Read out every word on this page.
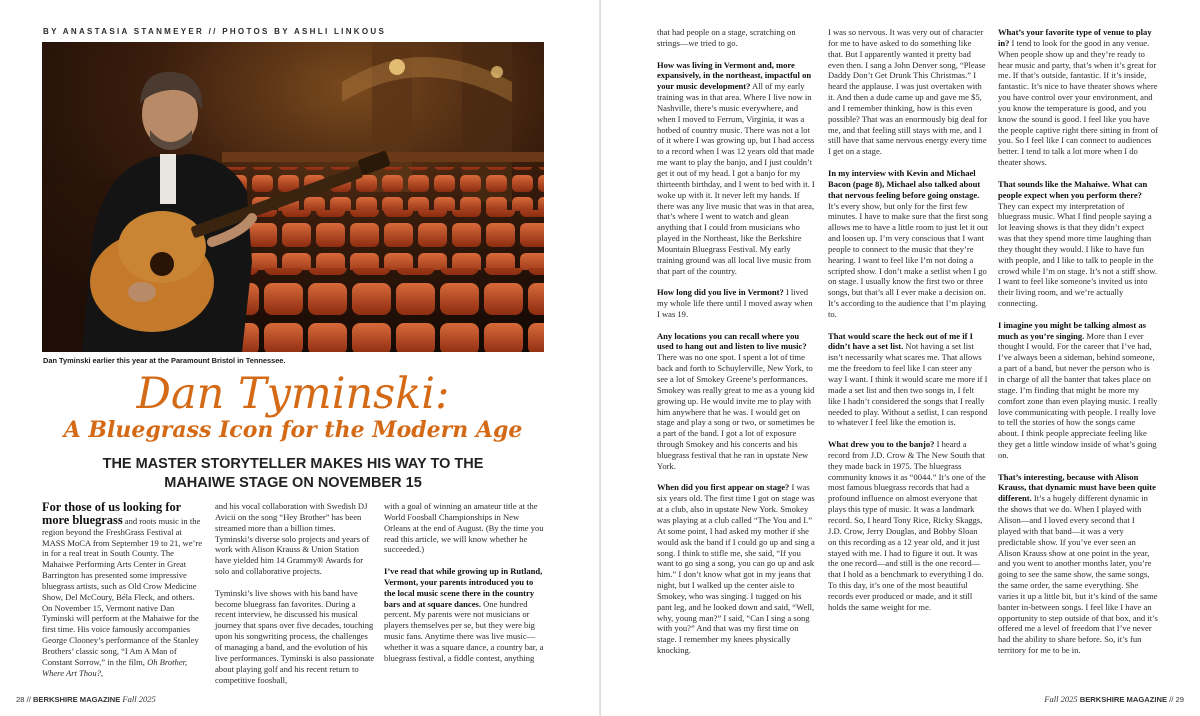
BY ANASTASIA STANMEYER // PHOTOS BY ASHLI LINKOUS
Dan Tyminski earlier this year at the Paramount Bristol in Tennessee.
Dan Tyminski:
A Bluegrass Icon for the Modern Age
THE MASTER STORYTELLER MAKES HIS WAY TO THE MAHAIWE STAGE ON NOVEMBER 15

For those of us looking for more bluegrass and roots music in the region beyond the FreshGrass Festival at MASS MoCA from September 19 to 21, we’re in for a real treat in South County. The Mahaiwe Performing Arts Center in Great Barrington has presented some impressive bluegrass artists, such as Old Crow Medicine Show, Del McCoury, Béla Fleck, and others. On November 15, Vermont native Dan Tyminski will perform at the Mahaiwe for the first time. His voice famously accompanies George Clooney’s performance of the Stanley Brothers’ classic song, “I Am A Man of Constant Sorrow,” in the film, Oh Brother, Where Art Thou?,

and his vocal collaboration with Swedish DJ Avicii on the song “Hey Brother” has been streamed more than a billion times. Tyminski’s diverse solo projects and years of work with Alison Krauss & Union Station have yielded him 14 Grammy® Awards for solo and collaborative projects.

Tyminski’s live shows with his band have become bluegrass fan favorites. During a recent interview, he discussed his musical journey that spans over five decades, touching upon his songwriting process, the challenges of managing a band, and the evolution of his live performances. Tyminski is also passionate about playing golf and his recent return to competitive foosball,

with a goal of winning an amateur title at the World Foosball Championships in New Orleans at the end of August. (By the time you read this article, we will know whether he succeeded.)

I’ve read that while growing up in Rutland, Vermont, your parents introduced you to the local music scene there in the country bars and at square dances. One hundred percent. My parents were not musicians or players themselves per se, but they were big music fans. Anytime there was live music—whether it was a square dance, a country bar, a bluegrass festival, a fiddle contest, anything

28 // BERKSHIRE MAGAZINE Fall 2025

that had people on a stage, scratching on strings—we tried to go.

How was living in Vermont and, more expansively, in the northeast, impactful on your music development? All of my early training was in that area. Where I live now in Nashville, there’s music everywhere, and when I moved to Ferrum, Virginia, it was a hotbed of country music. There was not a lot of it where I was growing up, but I had access to a record when I was 12 years old that made me want to play the banjo, and I just couldn’t get it out of my head. I got a banjo for my thirteenth birthday, and I went to bed with it. I woke up with it. It never left my hands. If there was any live music that was in that area, that’s where I went to watch and glean anything that I could from musicians who played in the Northeast, like the Berkshire Mountain Bluegrass Festival. My early training ground was all local live music from that part of the country.

How long did you live in Vermont? I lived my whole life there until I moved away when I was 19.

Any locations you can recall where you used to hang out and listen to live music? There was no one spot. I spent a lot of time back and forth to Schuylerville, New York, to see a lot of Smokey Greene’s performances. Smokey was really great to me as a young kid growing up. He would invite me to play with him anywhere that he was. I would get on stage and play a song or two, or sometimes be a part of the band. I got a lot of exposure through Smokey and his concerts and his bluegrass festival that he ran in upstate New York.

When did you first appear on stage? I was six years old. The first time I got on stage was at a club, also in upstate New York. Smokey was playing at a club called “The You and I.” At some point, I had asked my mother if she would ask the band if I could go up and sing a song. I think to stifle me, she said, “If you want to go sing a song, you can go up and ask him.” I don’t know what got in my jeans that night, but I walked up the center aisle to Smokey, who was singing. I tugged on his pant leg, and he looked down and said, “Well, why, young man?” I said, “Can I sing a song with you?” And that was my first time on stage. I remember my knees physically knocking.

I was so nervous. It was very out of character for me to have asked to do something like that. But I apparently wanted it pretty bad even then. I sang a John Denver song, “Please Daddy Don’t Get Drunk This Christmas.” I heard the applause. I was just overtaken with it. And then a dude came up and gave me $5, and I remember thinking, how is this even possible? That was an enormously big deal for me, and that feeling still stays with me, and I still have that same nervous energy every time I get on a stage.

In my interview with Kevin and Michael Bacon (page 8), Michael also talked about that nervous feeling before going onstage. It’s every show, but only for the first few minutes. I have to make sure that the first song allows me to have a little room to just let it out and loosen up. I’m very conscious that I want people to connect to the music that they’re hearing. I want to feel like I’m not doing a scripted show. I don’t make a setlist when I go on stage. I usually know the first two or three songs, but that’s all I ever make a decision on. It’s according to the audience that I’m playing to.

That would scare the heck out of me if I didn’t have a set list. Not having a set list isn’t necessarily what scares me. That allows me the freedom to feel like I can steer any way I want. I think it would scare me more if I made a set list and then two songs in, I felt like I hadn’t considered the songs that I really needed to play. Without a setlist, I can respond to whatever I feel like the emotion is.

What drew you to the banjo? I heard a record from J.D. Crow & The New South that they made back in 1975. The bluegrass community knows it as “0044.” It’s one of the most famous bluegrass records that had a profound influence on almost everyone that plays this type of music. It was a landmark record. So, I heard Tony Rice, Ricky Skaggs, J.D. Crow, Jerry Douglas, and Bobby Sloan on this recording as a 12 year old, and it just stayed with me. I had to figure it out. It was the one record—and still is the one record—that I hold as a benchmark to everything I do. To this day, it’s one of the most beautiful records ever produced or made, and it still holds the same weight for me.

What’s your favorite type of venue to play in? I tend to look for the good in any venue. When people show up and they’re ready to hear music and party, that’s when it’s great for me. If that’s outside, fantastic. If it’s inside, fantastic. It’s nice to have theater shows where you have control over your environment, and you know the temperature is good, and you know the sound is good. I feel like you have the people captive right there sitting in front of you. So I feel like I can connect to audiences better. I tend to talk a lot more when I do theater shows.

That sounds like the Mahaiwe. What can people expect when you perform there? They can expect my interpretation of bluegrass music. What I find people saying a lot leaving shows is that they didn’t expect was that they spend more time laughing than they thought they would. I like to have fun with people, and I like to talk to people in the crowd while I’m on stage. It’s not a stiff show. I want to feel like someone’s invited us into their living room, and we’re actually connecting.

I imagine you might be talking almost as much as you’re singing. More than I ever thought I would. For the career that I’ve had, I’ve always been a sideman, behind someone, a part of a band, but never the person who is in charge of all the banter that takes place on stage. I’m finding that might be more my comfort zone than even playing music. I really love communicating with people. I really love to tell the stories of how the songs came about. I think people appreciate feeling like they get a little window inside of what’s going on.

That’s interesting, because with Alison Krauss, that dynamic must have been quite different. It’s a hugely different dynamic in the shows that we do. When I played with Alison—and I loved every second that I played with that band—it was a very predictable show. If you’ve ever seen an Alison Krauss show at one point in the year, and you went to another months later, you’re going to see the same show, the same songs, the same order, the same everything. She varies it up a little bit, but it’s kind of the same banter in-between songs. I feel like I have an opportunity to step outside of that box, and it’s offered me a level of freedom that I’ve never had the ability to share before. So, it’s fun territory for me to be in.

Fall 2025 BERKSHIRE MAGAZINE // 29
